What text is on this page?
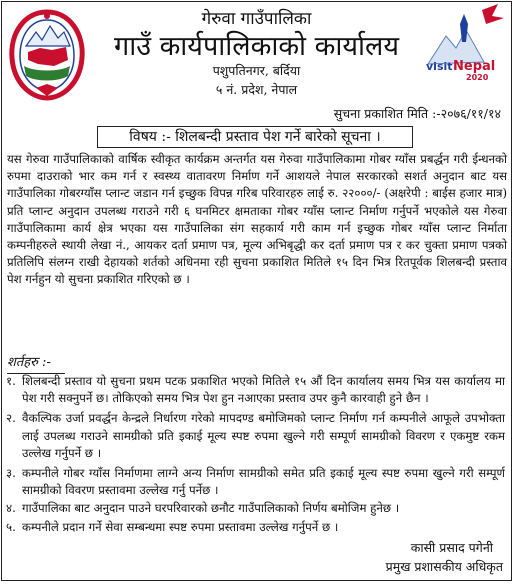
visit Nepal
2020
गेरुवा गाउँपालिका
गाउँ कार्यपालिकाको कार्यालय
पशुपतिनगर, बर्दिया
५ नं. प्रदेश, नेपाल
सुचना प्रकाशित मिति :-२०७६/११/१४
विषय :- शिलबन्दी प्रस्ताव पेश गर्ने बारेको सूचना ।
यस गेरुवा गाउँपालिकाको वार्षिक स्वीकृत कार्यक्रम अन्तर्गत यस गेरुवा गाउँपालिकामा गोबर ग्याँस प्रबर्द्धन गरी ईन्धनको रुपमा दाउराको भार कम गर्न र स्वस्थ्य वातावरण निर्माण गर्ने आशयले नेपाल सरकारको सशर्त अनुदान बाट यस गाउँपालिका गोबरग्याँस प्लान्ट जडान गर्न इच्छुक विपन्न गरिब परिवारहरु लाई रु. २२०००/- (अक्षरेपी : बाईस हजार मात्र) प्रति प्लान्ट अनुदान उपलब्ध गराउने गरी ६ घनमिटर क्षमताका गोबर ग्याँस प्लान्ट निर्माण गर्नुपर्ने भएकोले यस गेरुवा गाउँपालिकामा कार्य क्षेत्र भएका यस गाउँपालिका संग सहकार्य गरी काम गर्न इच्छुक गोबर ग्याँस प्लान्ट निर्माता कम्पनीहरुले स्थायी लेखा नं., आयकर दर्ता प्रमाण पत्र, मूल्य अभिबृद्धी कर दर्ता प्रमाण पत्र र कर चुक्ता प्रमाण पत्रको प्रतिलिपि संलग्न राखी देहायको शर्तको अधिनमा रही सुचना प्रकाशित मितिले १५ दिन भित्र रितपूर्वक शिलबन्दी प्रस्ताव पेश गर्नहुन यो सुचना प्रकाशित गरिएको छ ।
शर्तहरु :-
१. शिलबन्दी प्रस्ताव यो सुचना प्रथम पटक प्रकाशित भएको मितिले १५ औं दिन कार्यालय समय भित्र यस कार्यालय मा पेश गरी सक्नुपर्ने छ। तोकिएको समय भित्र पेश हुन नआएका प्रस्ताव उपर कुनै कारवाही हुने छैन ।
२. वैकल्पिक उर्जा प्रवर्द्धन केन्द्रले निर्धारण गरेको मापदण्ड बमोजिमको प्लान्ट निर्माण गर्न कम्पनीले आफूले उपभोक्ता लाई उपलब्ध गराउने सामग्रीको प्रति इकाई मूल्य स्पष्ट रुपमा खुल्ने गरी सम्पूर्ण सामग्रीको विवरण र एकमुष्ट रकम उल्लेख गर्नुपर्ने छ ।
३. कम्पनीले गोबर ग्याँस निर्माणमा लाग्ने अन्य निर्माण सामग्रीको समेत प्रति इकाई मूल्य स्पष्ट रुपमा खुल्ने गरी सम्पूर्ण सामग्रीको विवरण प्रस्तावमा उल्लेख गर्नु पर्नेछ ।
४. गाउँपालिका बाट अनुदान पाउने घरपरिवारको छनौट गाउँपालिकाको निर्णय बमोजिम हुनेछ ।
५. कम्पनीले प्रदान गर्ने सेवा सम्बन्धमा स्पष्ट रुपमा प्रस्तावमा उल्लेख गर्नुपर्ने छ ।
कासी प्रसाद पगेनी
प्रमुख प्रशासकीय अधिकृत
